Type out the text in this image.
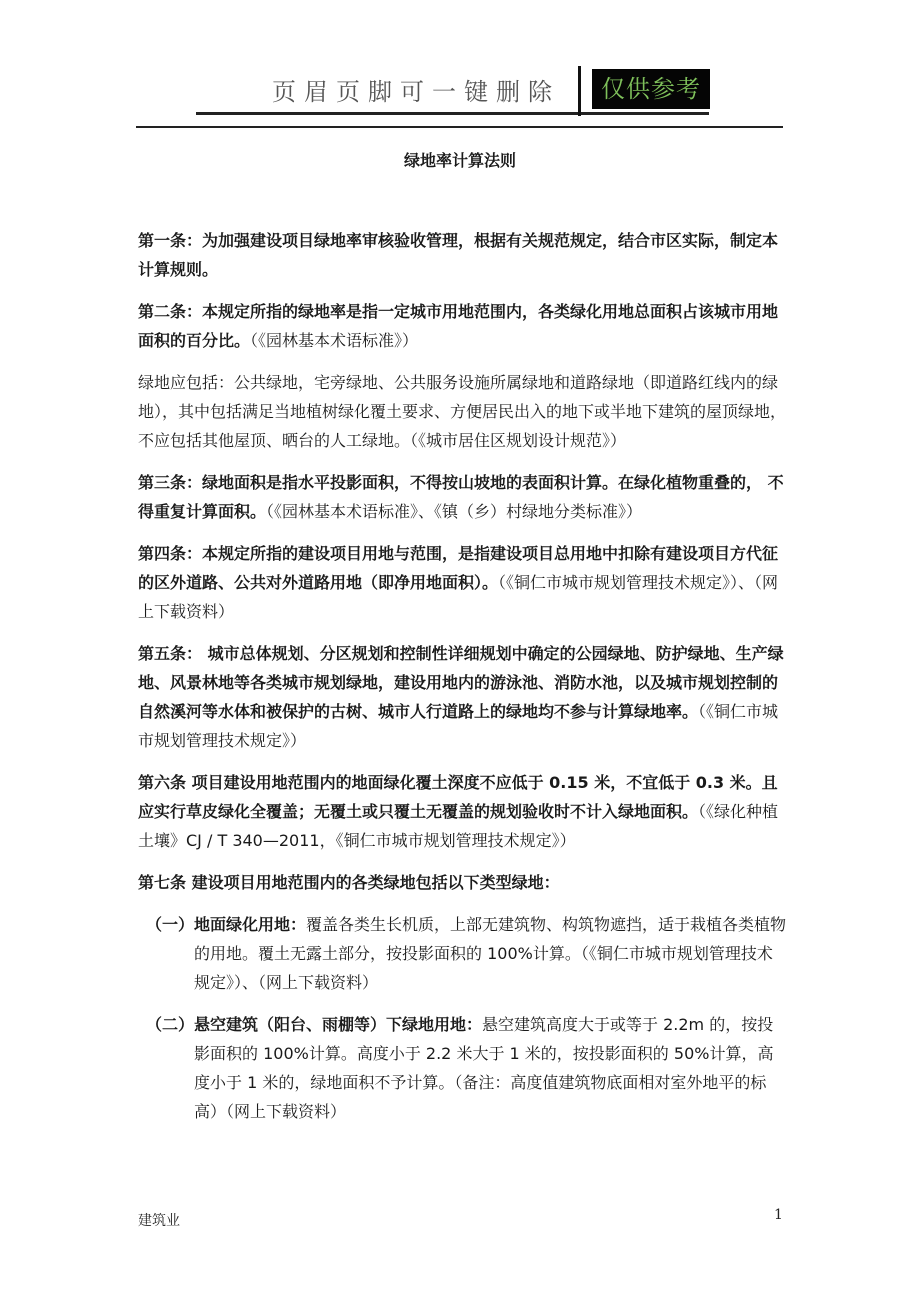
页眉页脚可一键删除	仅供参考
绿地率计算法则

第一条：为加强建设项目绿地率审核验收管理，根据有关规范规定，结合市区实际，制定本计算规则。

第二条：本规定所指的绿地率是指一定城市用地范围内，各类绿化用地总面积占该城市用地面积的百分比。（《园林基本术语标准》）

绿地应包括：公共绿地，宅旁绿地、公共服务设施所属绿地和道路绿地（即道路红线内的绿地），其中包括满足当地植树绿化覆土要求、方便居民出入的地下或半地下建筑的屋顶绿地，不应包括其他屋顶、晒台的人工绿地。（《城市居住区规划设计规范》）

第三条：绿地面积是指水平投影面积，不得按山坡地的表面积计算。在绿化植物重叠的， 不得重复计算面积。（《园林基本术语标准》、《镇（乡）村绿地分类标准》）

第四条：本规定所指的建设项目用地与范围，是指建设项目总用地中扣除有建设项目方代征的区外道路、公共对外道路用地（即净用地面积）。（《铜仁市城市规划管理技术规定》）、（网上下载资料）

第五条： 城市总体规划、分区规划和控制性详细规划中确定的公园绿地、防护绿地、生产绿地、风景林地等各类城市规划绿地，建设用地内的游泳池、消防水池，以及城市规划控制的自然溪河等水体和被保护的古树、城市人行道路上的绿地均不参与计算绿地率。（《铜仁市城市规划管理技术规定》）

第六条 项目建设用地范围内的地面绿化覆土深度不应低于 0.15 米，不宜低于 0.3 米。且应实行草皮绿化全覆盖；无覆土或只覆土无覆盖的规划验收时不计入绿地面积。（《绿化种植土壤》CJ / T 340—2011，《铜仁市城市规划管理技术规定》）

第七条 建设项目用地范围内的各类绿地包括以下类型绿地：

（一） 地面绿化用地：覆盖各类生长机质，上部无建筑物、构筑物遮挡，适于栽植各类植物的用地。覆土无露土部分，按投影面积的 100%计算。（《铜仁市城市规划管理技术规定》）、（网上下载资料）
（二） 悬空建筑（阳台、雨棚等）下绿地用地：悬空建筑高度大于或等于 2.2m 的，按投影面积的 100%计算。高度小于 2.2 米大于 1 米的，按投影面积的 50%计算，高度小于 1 米的，绿地面积不予计算。（备注：高度值建筑物底面相对室外地平的标高）（网上下载资料）
建筑业	1
